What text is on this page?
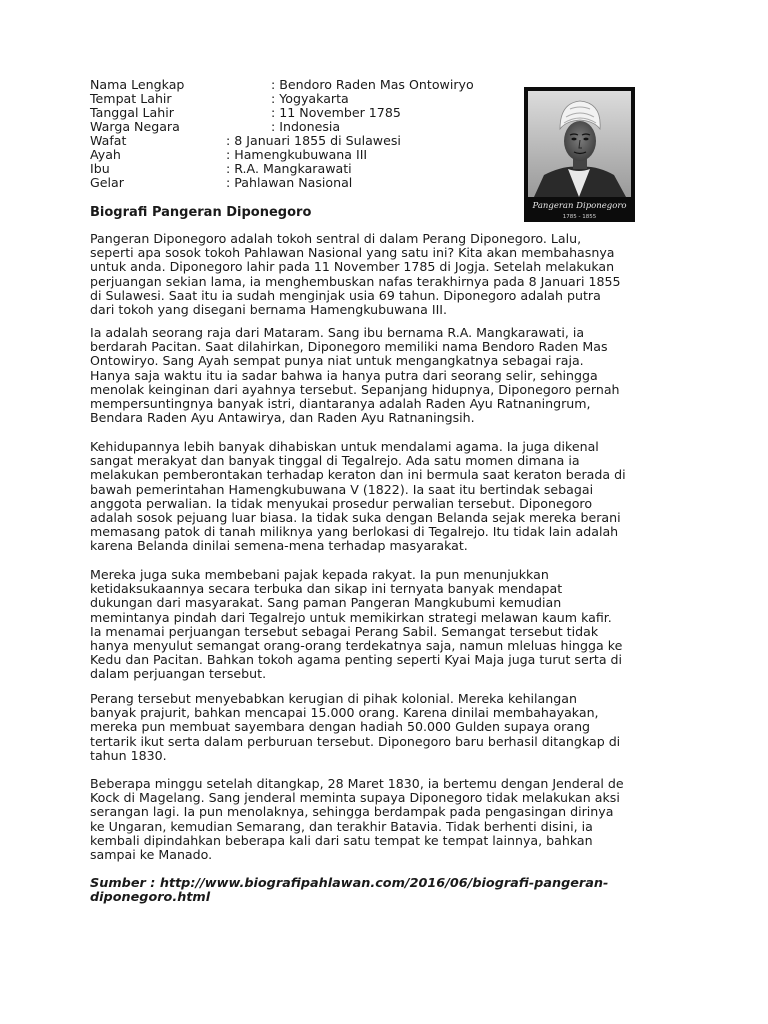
Nama Lengkap	: Bendoro Raden Mas Ontowiryo
Tempat Lahir	: Yogyakarta
Tanggal Lahir	: 11 November 1785
Warga Negara	: Indonesia
Wafat	: 8 Januari 1855 di Sulawesi
Ayah	: Hamengkubuwana III
Ibu	: R.A. Mangkarawati
Gelar	: Pahlawan Nasional
Pangeran Diponegoro
1785 - 1855
Biografi Pangeran Diponegoro
Pangeran Diponegoro adalah tokoh sentral di dalam Perang Diponegoro. Lalu,
seperti apa sosok tokoh Pahlawan Nasional yang satu ini? Kita akan membahasnya
untuk anda. Diponegoro lahir pada 11 November 1785 di Jogja. Setelah melakukan
perjuangan sekian lama, ia menghembuskan nafas terakhirnya pada 8 Januari 1855
di Sulawesi. Saat itu ia sudah menginjak usia 69 tahun. Diponegoro adalah putra
dari tokoh yang disegani bernama Hamengkubuwana III.
Ia adalah seorang raja dari Mataram. Sang ibu bernama R.A. Mangkarawati, ia
berdarah Pacitan. Saat dilahirkan, Diponegoro memiliki nama Bendoro Raden Mas
Ontowiryo. Sang Ayah sempat punya niat untuk mengangkatnya sebagai raja.
Hanya saja waktu itu ia sadar bahwa ia hanya putra dari seorang selir, sehingga
menolak keinginan dari ayahnya tersebut. Sepanjang hidupnya, Diponegoro pernah
mempersuntingnya banyak istri, diantaranya adalah Raden Ayu Ratnaningrum,
Bendara Raden Ayu Antawirya, dan Raden Ayu Ratnaningsih.
Kehidupannya lebih banyak dihabiskan untuk mendalami agama. Ia juga dikenal
sangat merakyat dan banyak tinggal di Tegalrejo. Ada satu momen dimana ia
melakukan pemberontakan terhadap keraton dan ini bermula saat keraton berada di
bawah pemerintahan Hamengkubuwana V (1822). Ia saat itu bertindak sebagai
anggota perwalian. Ia tidak menyukai prosedur perwalian tersebut. Diponegoro
adalah sosok pejuang luar biasa. Ia tidak suka dengan Belanda sejak mereka berani
memasang patok di tanah miliknya yang berlokasi di Tegalrejo. Itu tidak lain adalah
karena Belanda dinilai semena-mena terhadap masyarakat.
Mereka juga suka membebani pajak kepada rakyat. Ia pun menunjukkan
ketidaksukaannya secara terbuka dan sikap ini ternyata banyak mendapat
dukungan dari masyarakat. Sang paman Pangeran Mangkubumi kemudian
memintanya pindah dari Tegalrejo untuk memikirkan strategi melawan kaum kafir.
Ia menamai perjuangan tersebut sebagai Perang Sabil. Semangat tersebut tidak
hanya menyulut semangat orang-orang terdekatnya saja, namun mleluas hingga ke
Kedu dan Pacitan. Bahkan tokoh agama penting seperti Kyai Maja juga turut serta di
dalam perjuangan tersebut.
Perang tersebut menyebabkan kerugian di pihak kolonial. Mereka kehilangan
banyak prajurit, bahkan mencapai 15.000 orang. Karena dinilai membahayakan,
mereka pun membuat sayembara dengan hadiah 50.000 Gulden supaya orang
tertarik ikut serta dalam perburuan tersebut. Diponegoro baru berhasil ditangkap di
tahun 1830.
Beberapa minggu setelah ditangkap, 28 Maret 1830, ia bertemu dengan Jenderal de
Kock di Magelang. Sang jenderal meminta supaya Diponegoro tidak melakukan aksi
serangan lagi. Ia pun menolaknya, sehingga berdampak pada pengasingan dirinya
ke Ungaran, kemudian Semarang, dan terakhir Batavia. Tidak berhenti disini, ia
kembali dipindahkan beberapa kali dari satu tempat ke tempat lainnya, bahkan
sampai ke Manado.
Sumber : http://www.biografipahlawan.com/2016/06/biografi-pangeran-
diponegoro.html
